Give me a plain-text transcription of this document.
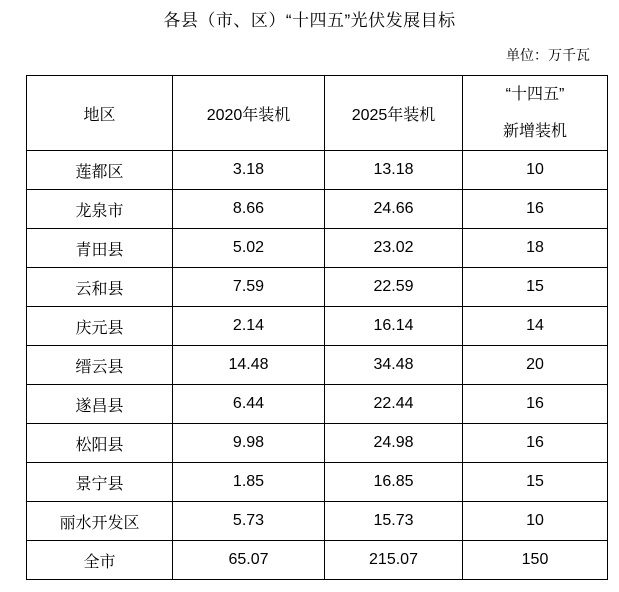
各县（市、区）“十四五”光伏发展目标
单位：万千瓦
地区	2020年装机	2025年装机	“十四五”
新增装机

莲都区	3.18	13.18	10
龙泉市	8.66	24.66	16
青田县	5.02	23.02	18
云和县	7.59	22.59	15
庆元县	2.14	16.14	14
缙云县	14.48	34.48	20
遂昌县	6.44	22.44	16
松阳县	9.98	24.98	16
景宁县	1.85	16.85	15
丽水开发区	5.73	15.73	10
全市	65.07	215.07	150
